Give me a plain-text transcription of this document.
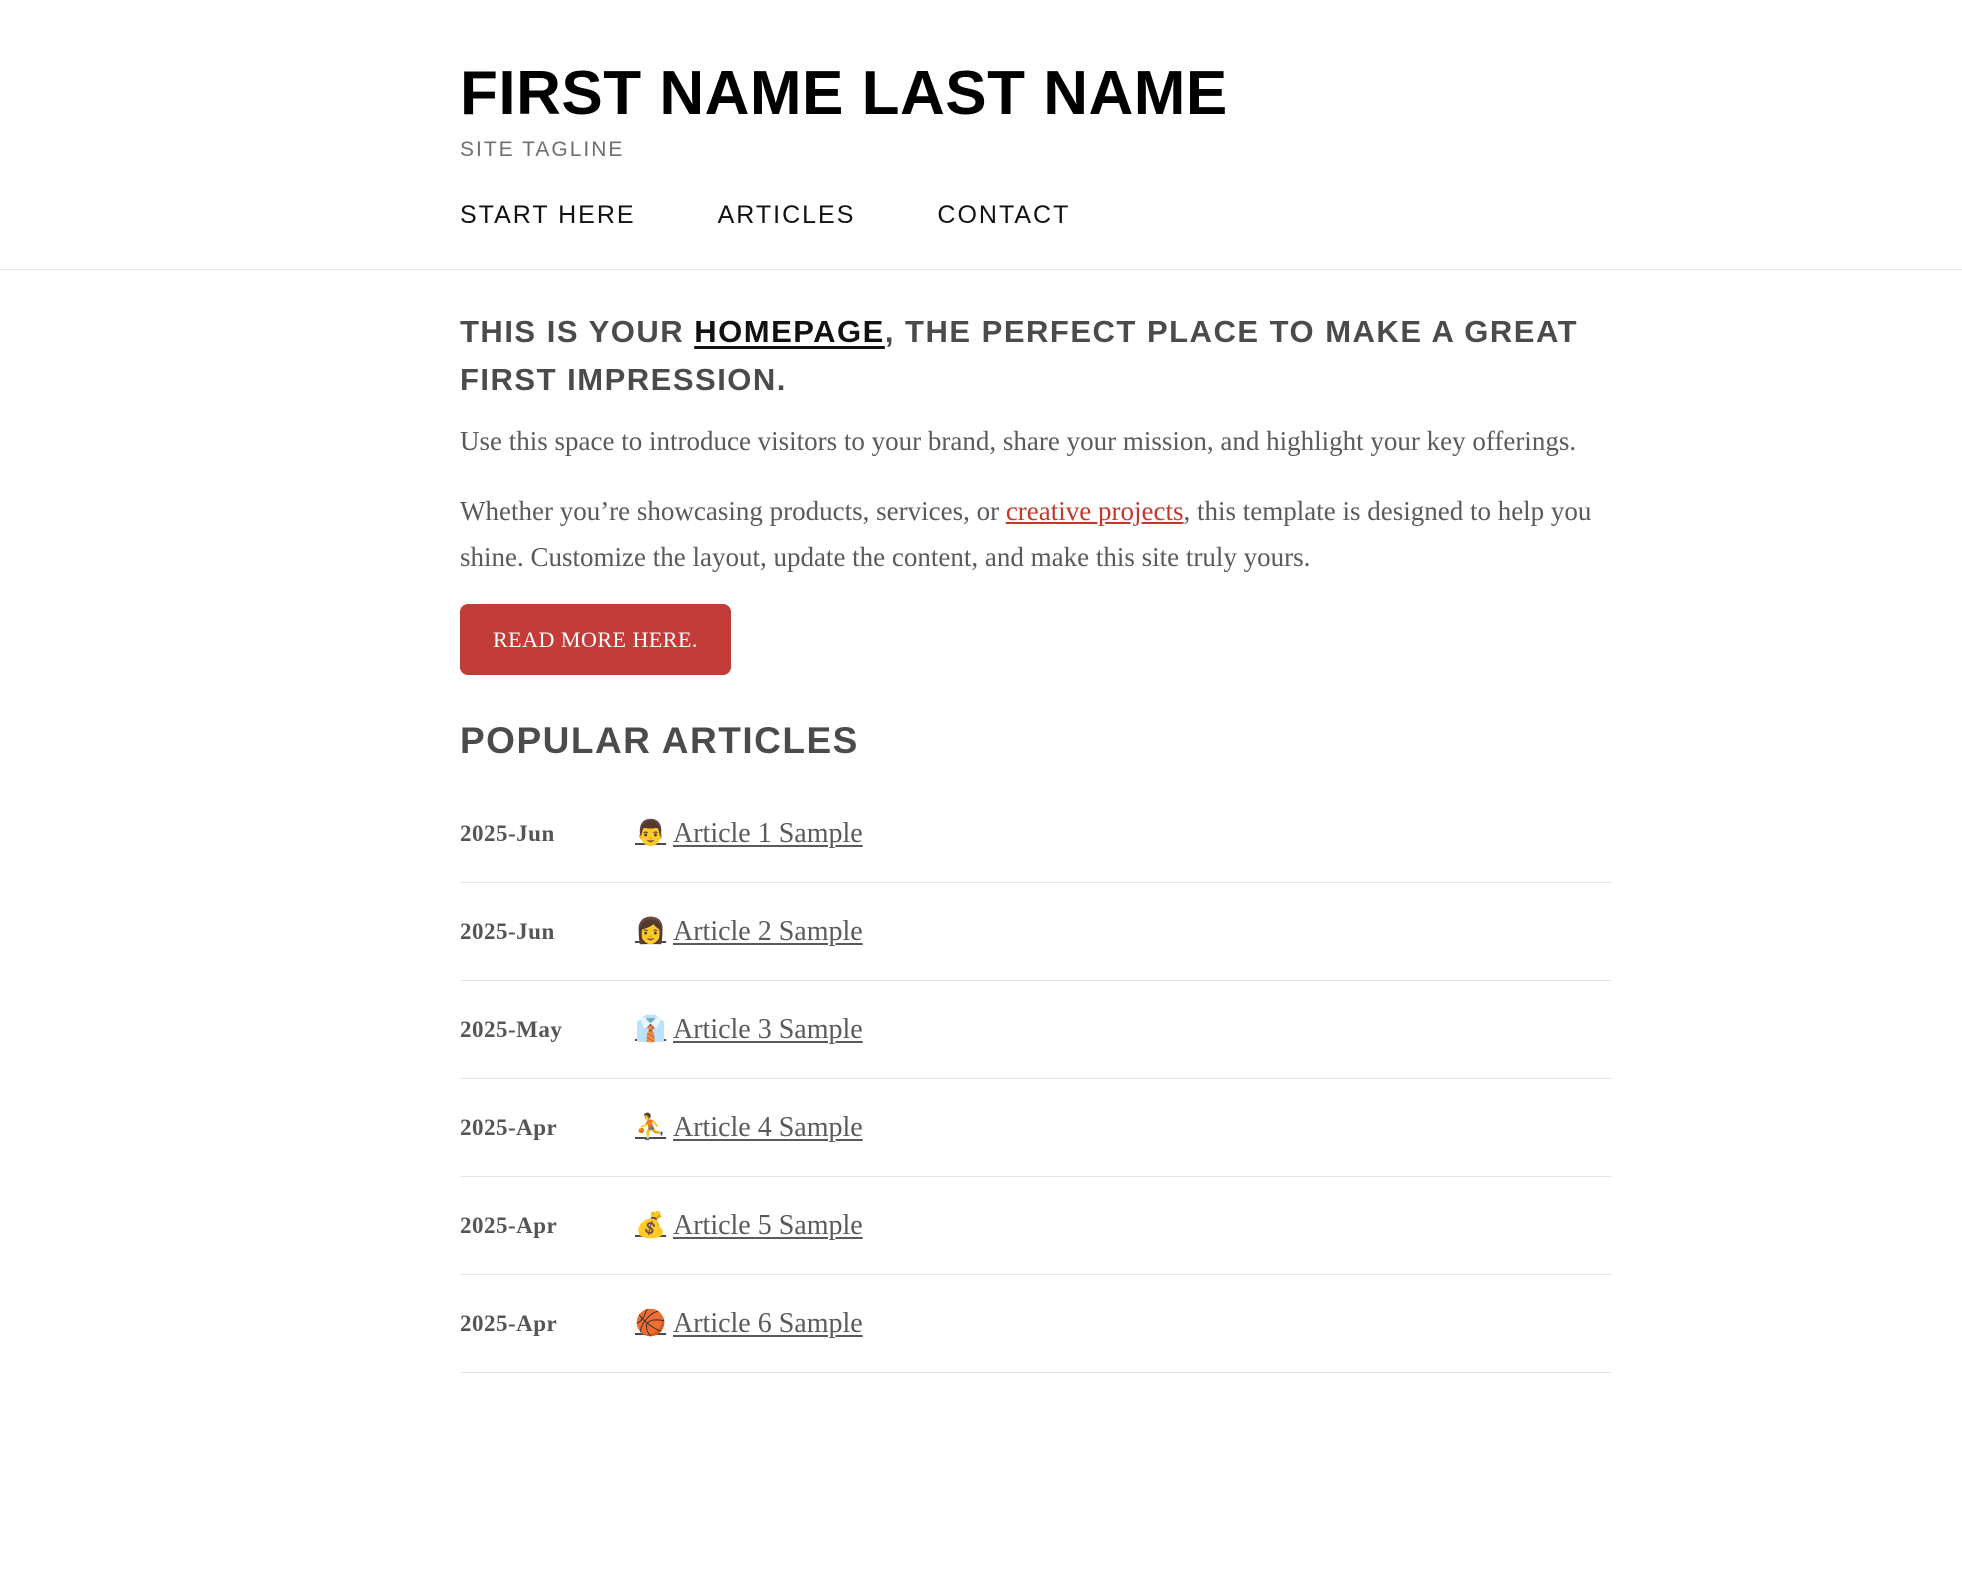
FIRST NAME LAST NAME
SITE TAGLINE
START HERE	ARTICLES	CONTACT
THIS IS YOUR HOMEPAGE, THE PERFECT PLACE TO MAKE A GREAT FIRST IMPRESSION.

Use this space to introduce visitors to your brand, share your mission, and highlight your key offerings.

Whether you’re showcasing products, services, or creative projects, this template is designed to help you shine. Customize the layout, update the content, and make this site truly yours.

READ MORE HERE.
POPULAR ARTICLES
2025-Jun	👨 Article 1 Sample
2025-Jun	👩 Article 2 Sample
2025-May	👔 Article 3 Sample
2025-Apr	⛹ Article 4 Sample
2025-Apr	💰 Article 5 Sample
2025-Apr	🏀 Article 6 Sample
